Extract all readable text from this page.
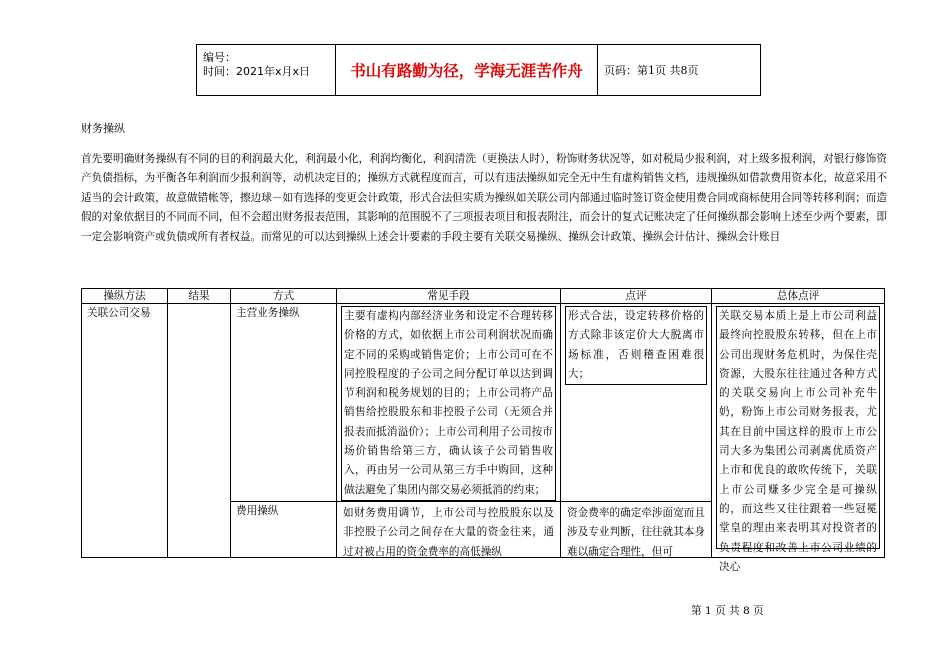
编号：
时间：2021年x月x日	书山有路勤为径，学海无涯苦作舟	页码：第1页 共8页
财务操纵

首先要明确财务操纵有不同的目的利润最大化，利润最小化，利润均衡化，利润清洗（更换法人时），粉饰财务状况等，如对税局少报利润，对上级多报利润，对银行修饰资产负债指标，为平衡各年利润而少报利润等，动机决定目的；操纵方式就程度而言，可以有违法操纵如完全无中生有虚构销售文档，违规操纵如借款费用资本化，故意采用不适当的会计政策，故意做错帐等，擦边球－如有选择的变更会计政策，形式合法但实质为操纵如关联公司内部通过临时签订资金使用费合同或商标使用合同等转移利润；而造假的对象依据目的不同而不同，但不会超出财务报表范围，其影响的范围脱不了三项报表项目和报表附注，而会计的复式记账决定了任何操纵都会影响上述至少两个要素，即一定会影响资产或负债或所有者权益。而常见的可以达到操纵上述会计要素的手段主要有关联交易操纵、操纵会计政策、操纵会计估计、操纵会计账目

操纵方法	结果	方式	常见手段	点评	总体点评

关联公司交易		主营业务操纵	主要有虚构内部经济业务和设定不合理转移价格的方式，如依据上市公司利润状况而确定不同的采购或销售定价；上市公司可在不同控股程度的子公司之间分配订单以达到调节利润和税务规划的目的；上市公司将产品销售给控股股东和非控股子公司（无须合并报表而抵消溢价）；上市公司利用子公司按市场价销售给第三方，确认该子公司销售收入，再由另一公司从第三方手中购回，这种做法避免了集团内部交易必须抵消的约束；	形式合法，设定转移价格的方式除非该定价大大脱离市场标准，否则稽查困难很大；	关联交易本质上是上市公司利益最终向控股股东转移，但在上市公司出现财务危机时，为保住壳资源，大股东往往通过各种方式的关联交易向上市公司补充牛奶，粉饰上市公司财务报表，尤其在目前中国这样的股市上市公司大多为集团公司剥离优质资产上市和优良的敢吹传统下，关联上市公司赚多少完全是可操纵的，而这些又往往跟着一些冠冕堂皇的理由来表明其对投资者的负责程度和改善上市公司业绩的决心

		费用操纵	如财务费用调节，上市公司与控股股东以及非控股子公司之间存在大量的资金往来，通过对被占用的资金费率的高低操纵	资金费率的确定牵涉面宽而且涉及专业判断，往往就其本身难以确定合理性，但可	
第 1 页 共 8 页
